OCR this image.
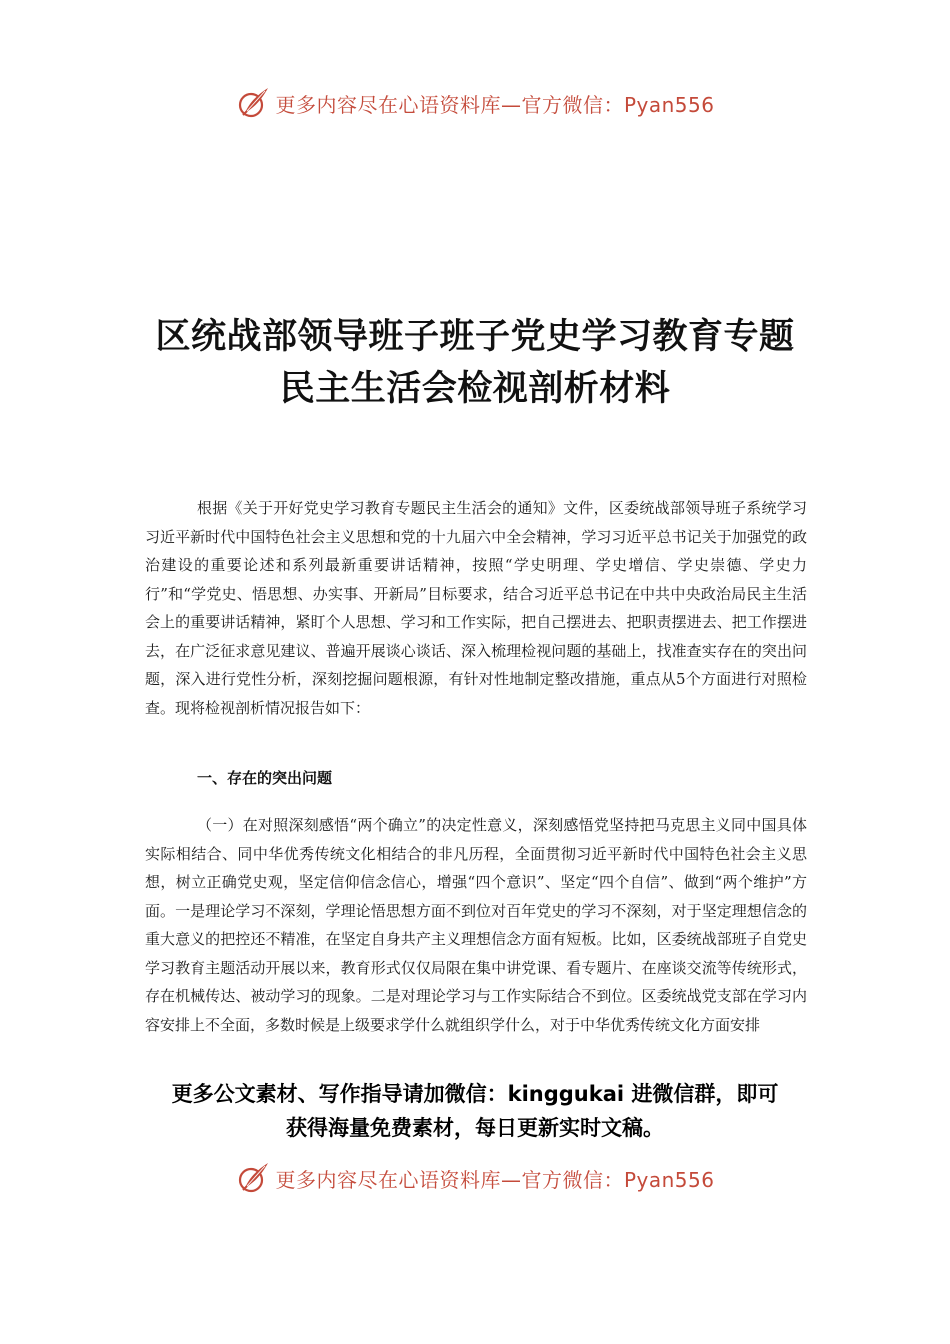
更多内容尽在心语资料库—官方微信：Pyan556
区统战部领导班子班子党史学习教育专题
民主生活会检视剖析材料
根据《关于开好党史学习教育专题民主生活会的通知》文件，区委统战部领导班子系统学习习近平新时代中国特色社会主义思想和党的十九届六中全会精神，学习习近平总书记关于加强党的政治建设的重要论述和系列最新重要讲话精神，按照“学史明理、学史增信、学史崇德、学史力行”和“学党史、悟思想、办实事、开新局”目标要求，结合习近平总书记在中共中央政治局民主生活会上的重要讲话精神，紧盯个人思想、学习和工作实际，把自己摆进去、把职责摆进去、把工作摆进去，在广泛征求意见建议、普遍开展谈心谈话、深入梳理检视问题的基础上，找准查实存在的突出问题，深入进行党性分析，深刻挖掘问题根源，有针对性地制定整改措施，重点从5个方面进行对照检查。现将检视剖析情况报告如下：
一、存在的突出问题
（一）在对照深刻感悟“两个确立”的决定性意义，深刻感悟党坚持把马克思主义同中国具体实际相结合、同中华优秀传统文化相结合的非凡历程，全面贯彻习近平新时代中国特色社会主义思想，树立正确党史观，坚定信仰信念信心，增强“四个意识”、坚定“四个自信”、做到“两个维护”方面。一是理论学习不深刻，学理论悟思想方面不到位对百年党史的学习不深刻，对于坚定理想信念的重大意义的把控还不精准，在坚定自身共产主义理想信念方面有短板。比如，区委统战部班子自党史学习教育主题活动开展以来，教育形式仅仅局限在集中讲党课、看专题片、在座谈交流等传统形式，存在机械传达、被动学习的现象。二是对理论学习与工作实际结合不到位。区委统战党支部在学习内容安排上不全面，多数时候是上级要求学什么就组织学什么，对于中华优秀传统文化方面安排
更多公文素材、写作指导请加微信：kinggukai 进微信群，即可
获得海量免费素材，每日更新实时文稿。
更多内容尽在心语资料库—官方微信：Pyan556
